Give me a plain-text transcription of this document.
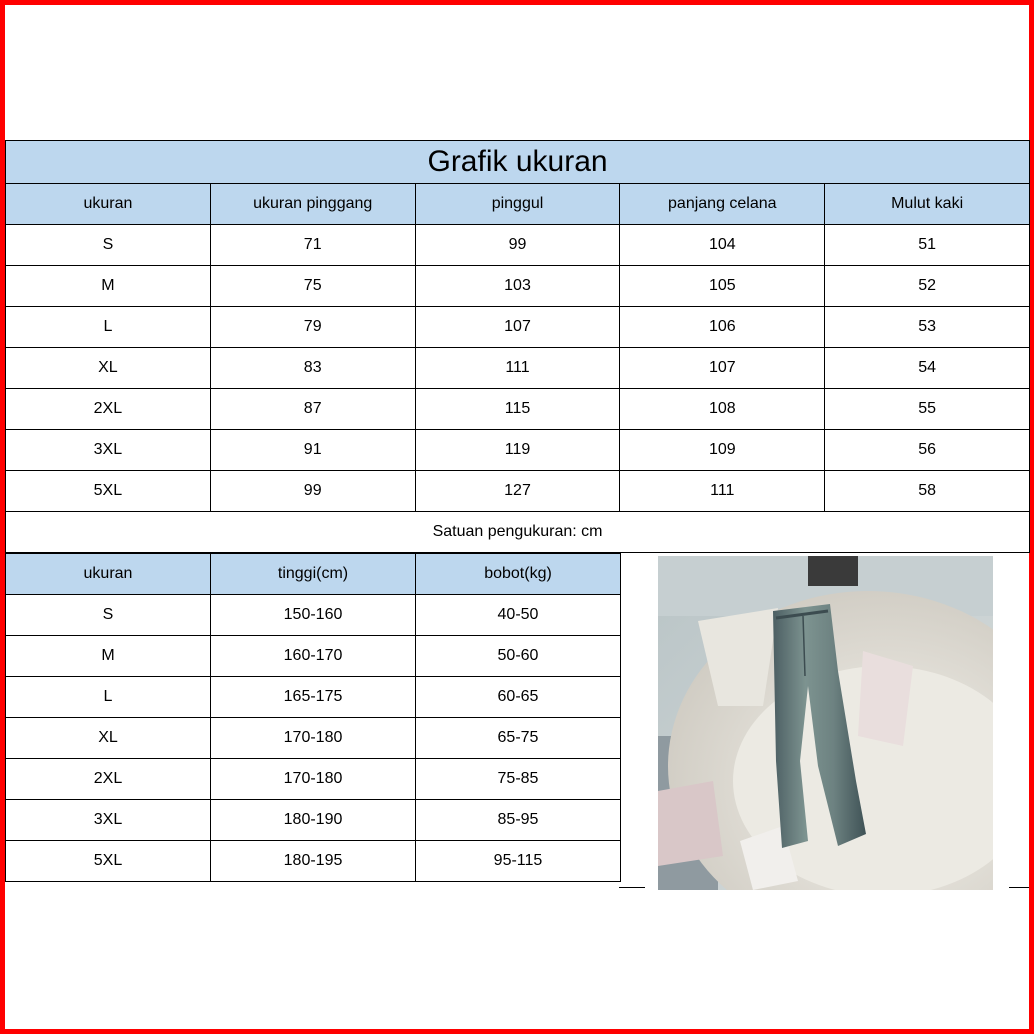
Grafik ukuran				
ukuran	ukuran pinggang	pinggul	panjang celana	Mulut kaki
S	71	99	104	51
M	75	103	105	52
L	79	107	106	53
XL	83	111	107	54
2XL	87	115	108	55
3XL	91	119	109	56
5XL	99	127	111	58
Satuan pengukuran: cm				
ukuran	tinggi(cm)	bobot(kg)
S	150-160	40-50
M	160-170	50-60
L	165-175	60-65
XL	170-180	65-75
2XL	170-180	75-85
3XL	180-190	85-95
5XL	180-195	95-115
